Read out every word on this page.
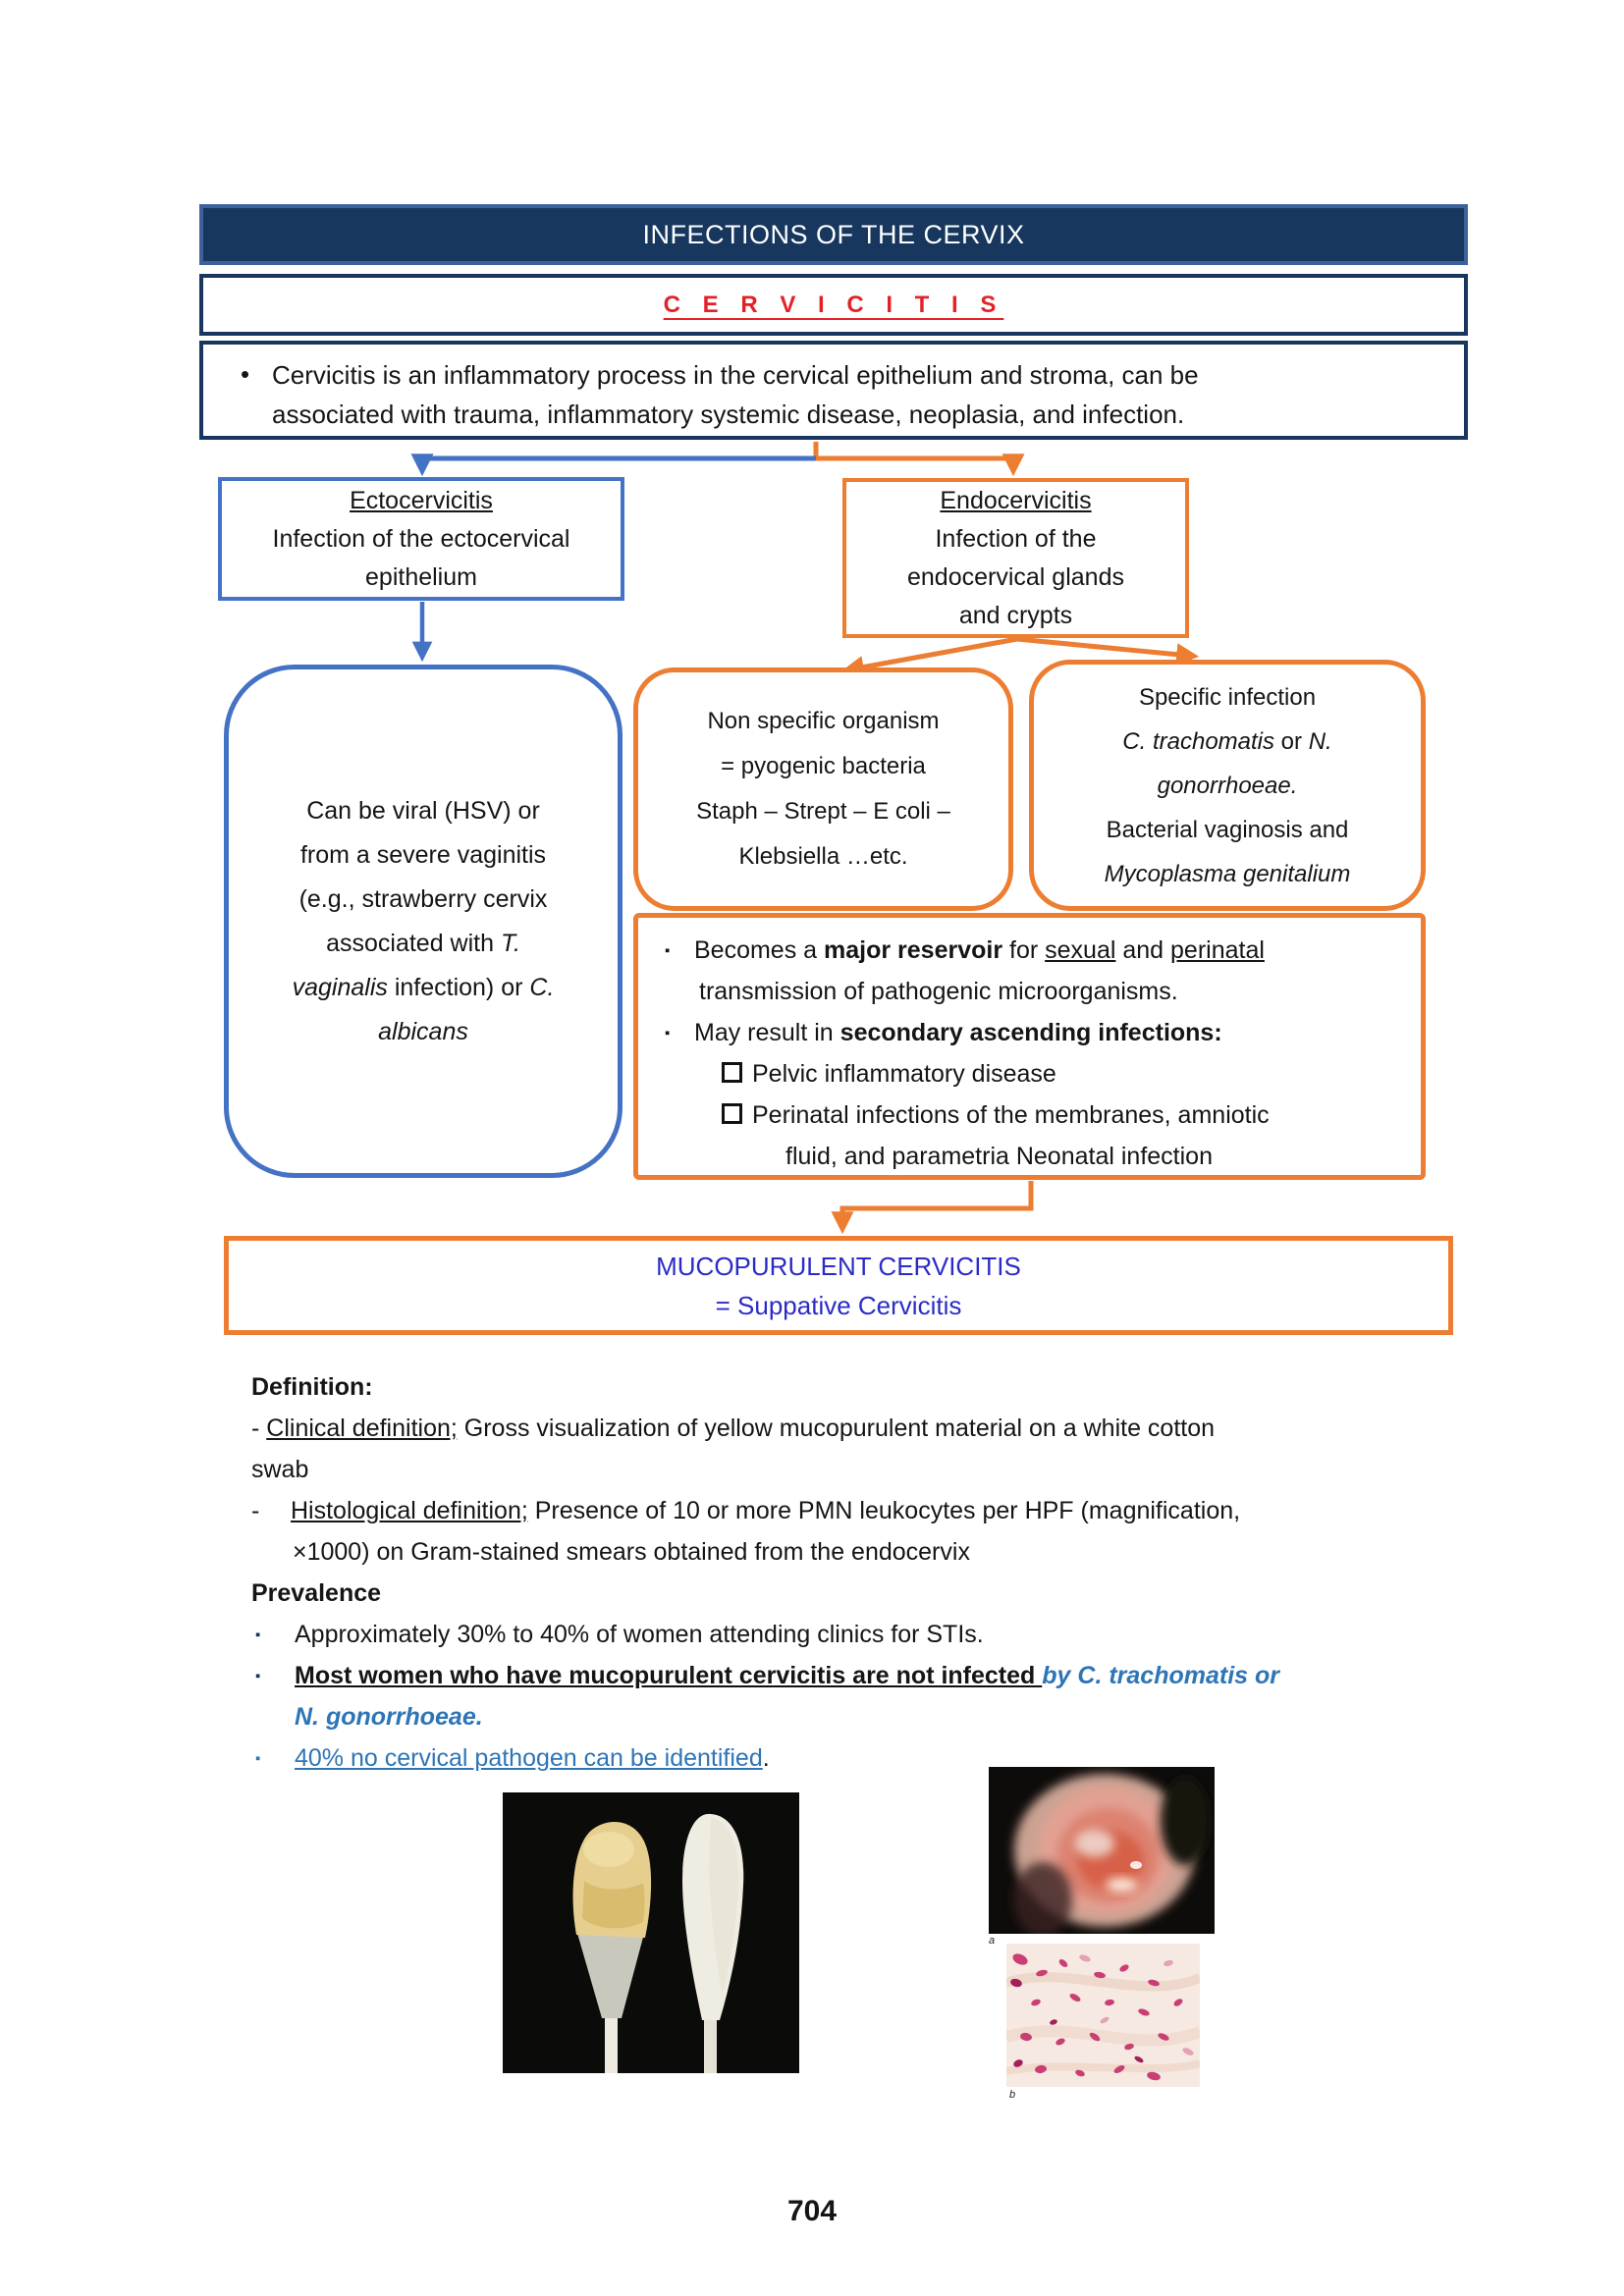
INFECTIONS OF THE CERVIX
C E R V I C I T I S
• Cervicitis is an inflammatory process in the cervical epithelium and stroma, can be
associated with trauma, inflammatory systemic disease, neoplasia, and infection.
Ectocervicitis
Infection of the ectocervical
epithelium
Endocervicitis
Infection of the
endocervical glands
and crypts
Can be viral (HSV) or
from a severe vaginitis
(e.g., strawberry cervix
associated with T.
vaginalis infection) or C.
albicans
Non specific organism
= pyogenic bacteria
Staph – Strept – E coli –
Klebsiella …etc.
Specific infection
C. trachomatis or N.
gonorrhoeae.
Bacterial vaginosis and
Mycoplasma genitalium
▪ Becomes a major reservoir for sexual and perinatal
transmission of pathogenic microorganisms.
▪ May result in secondary ascending infections:
Pelvic inflammatory disease
Perinatal infections of the membranes, amniotic
fluid, and parametria Neonatal infection
MUCOPURULENT CERVICITIS
= Suppative Cervicitis
Definition:
- Clinical definition; Gross visualization of yellow mucopurulent material on a white cotton
swab
-Histological definition; Presence of 10 or more PMN leukocytes per HPF (magnification,
×1000) on Gram-stained smears obtained from the endocervix
Prevalence
▪ Approximately 30% to 40% of women attending clinics for STIs.
▪ Most women who have mucopurulent cervicitis are not infected by C. trachomatis or
N. gonorrhoeae.
▪ 40% no cervical pathogen can be identified.
a
b
704
